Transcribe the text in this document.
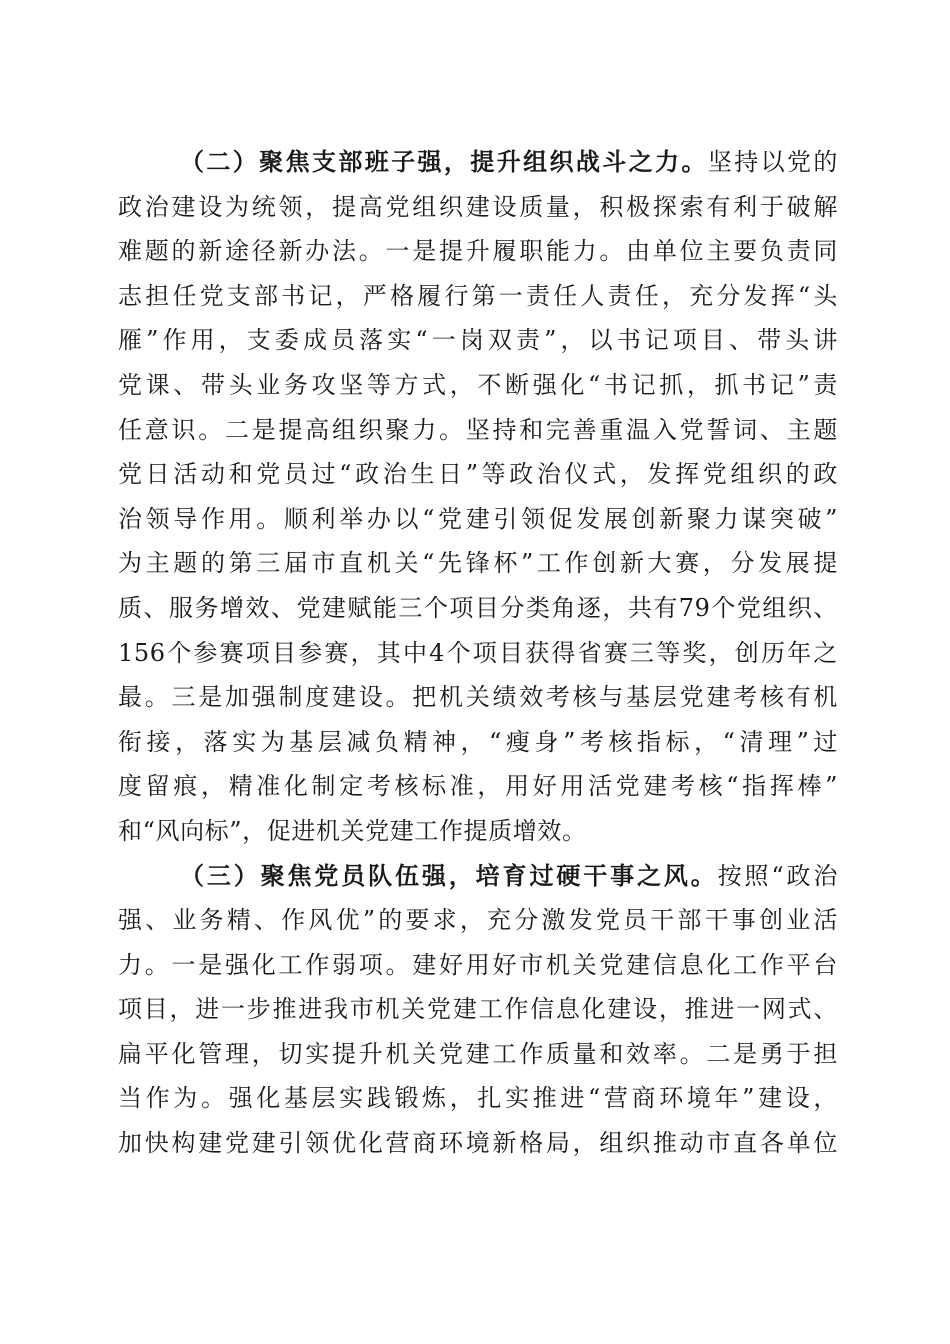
（二）聚焦支部班子强，提升组织战斗之力。坚持以党的
政治建设为统领，提高党组织建设质量，积极探索有利于破解
难题的新途径新办法。一是提升履职能力。由单位主要负责同
志担任党支部书记，严格履行第一责任人责任，充分发挥“头
雁”作用，支委成员落实“一岗双责”，以书记项目、带头讲
党课、带头业务攻坚等方式，不断强化“书记抓，抓书记”责
任意识。二是提高组织聚力。坚持和完善重温入党誓词、主题
党日活动和党员过“政治生日”等政治仪式，发挥党组织的政
治领导作用。顺利举办以“党建引领促发展创新聚力谋突破”
为主题的第三届市直机关“先锋杯”工作创新大赛，分发展提
质、服务增效、党建赋能三个项目分类角逐，共有79个党组织、
156个参赛项目参赛，其中4个项目获得省赛三等奖，创历年之
最。三是加强制度建设。把机关绩效考核与基层党建考核有机
衔接，落实为基层减负精神，“瘦身”考核指标，“清理”过
度留痕，精准化制定考核标准，用好用活党建考核“指挥棒”
和“风向标”，促进机关党建工作提质增效。
（三）聚焦党员队伍强，培育过硬干事之风。按照“政治
强、业务精、作风优”的要求，充分激发党员干部干事创业活
力。一是强化工作弱项。建好用好市机关党建信息化工作平台
项目，进一步推进我市机关党建工作信息化建设，推进一网式、
扁平化管理，切实提升机关党建工作质量和效率。二是勇于担
当作为。强化基层实践锻炼，扎实推进“营商环境年”建设，
加快构建党建引领优化营商环境新格局，组织推动市直各单位
